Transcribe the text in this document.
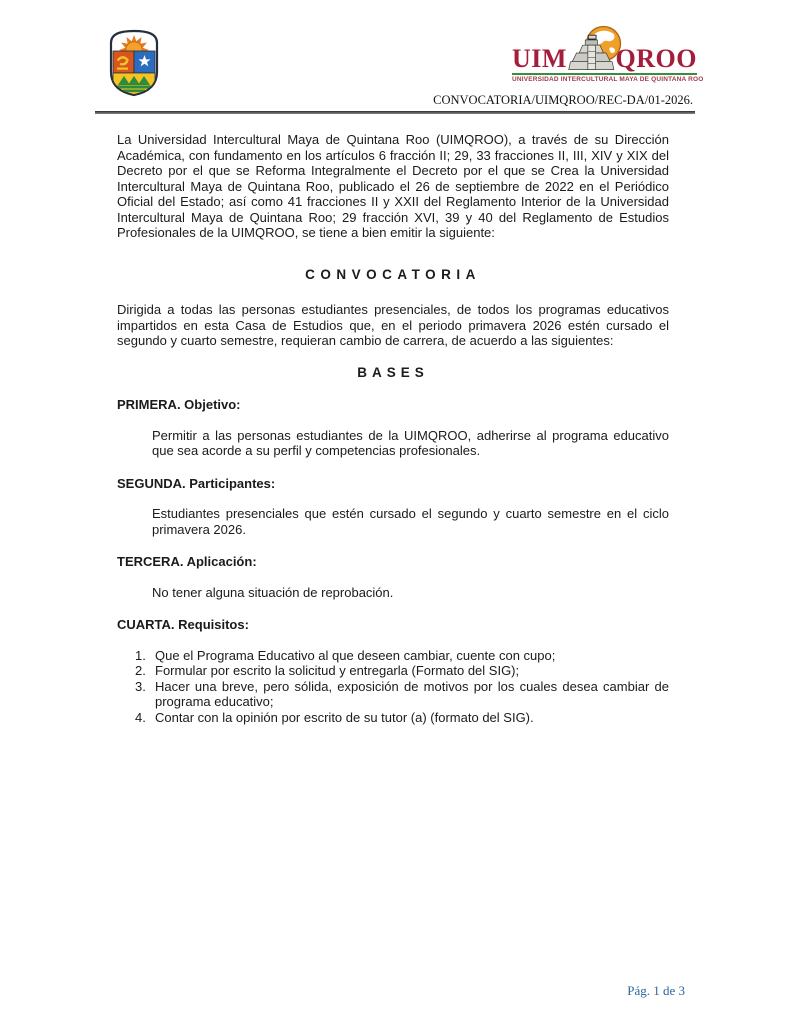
UIM QROO
UNIVERSIDAD INTERCULTURAL MAYA DE QUINTANA ROO
CONVOCATORIA/UIMQROO/REC-DA/01-2026.

La Universidad Intercultural Maya de Quintana Roo (UIMQROO), a través de su Dirección Académica, con fundamento en los artículos 6 fracción II; 29, 33 fracciones II, III, XIV y XIX del Decreto por el que se Reforma Integralmente el Decreto por el que se Crea la Universidad Intercultural Maya de Quintana Roo, publicado el 26 de septiembre de 2022 en el Periódico Oficial del Estado; así como 41 fracciones II y XXII del Reglamento Interior de la Universidad Intercultural Maya de Quintana Roo; 29 fracción XVI, 39 y 40 del Reglamento de Estudios Profesionales de la UIMQROO, se tiene a bien emitir la siguiente:

CONVOCATORIA

Dirigida a todas las personas estudiantes presenciales, de todos los programas educativos impartidos en esta Casa de Estudios que, en el periodo primavera 2026 estén cursado el segundo y cuarto semestre, requieran cambio de carrera, de acuerdo a las siguientes:

BASES
PRIMERA. Objetivo:

Permitir a las personas estudiantes de la UIMQROO, adherirse al programa educativo que sea acorde a su perfil y competencias profesionales.

SEGUNDA. Participantes:

Estudiantes presenciales que estén cursado el segundo y cuarto semestre en el ciclo primavera 2026.

TERCERA. Aplicación:

No tener alguna situación de reprobación.

CUARTA. Requisitos:
1. Que el Programa Educativo al que deseen cambiar, cuente con cupo;
2. Formular por escrito la solicitud y entregarla (Formato del SIG);
3. Hacer una breve, pero sólida, exposición de motivos por los cuales desea cambiar de programa educativo;
4. Contar con la opinión por escrito de su tutor (a) (formato del SIG).
Pág. 1 de 3
